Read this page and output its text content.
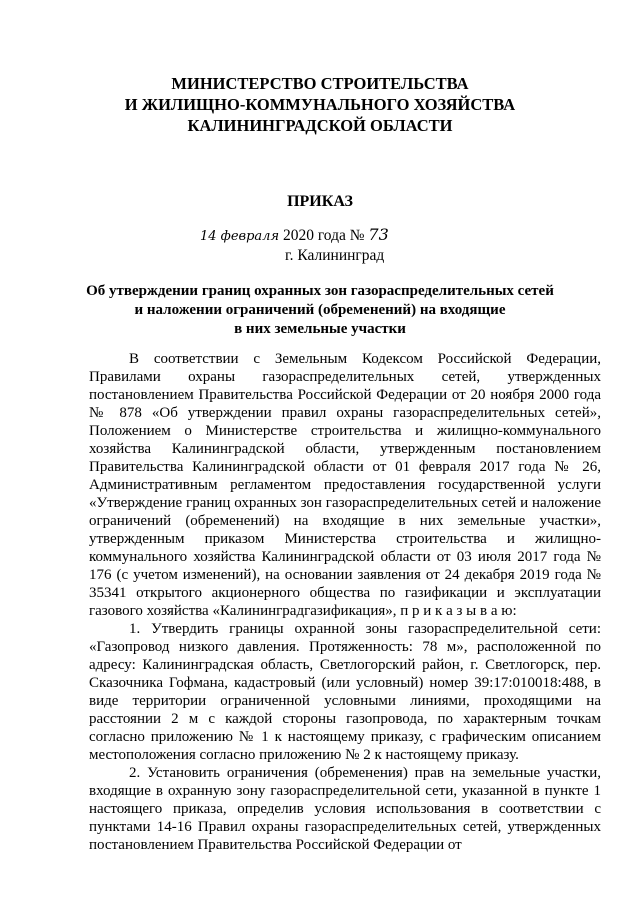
МИНИСТЕРСТВО СТРОИТЕЛЬСТВА
И ЖИЛИЩНО-КОММУНАЛЬНОГО ХОЗЯЙСТВА
КАЛИНИНГРАДСКОЙ ОБЛАСТИ
ПРИКАЗ
14 февраля 2020 года № 73
г. Калининград
Об утверждении границ охранных зон газораспределительных сетей
и наложении ограничений (обременений) на входящие
в них земельные участки

В соответствии с Земельным Кодексом Российской Федерации, Правилами охраны газораспределительных сетей, утвержденных постановлением Правительства Российской Федерации от 20 ноября 2000 года № 878 «Об утверждении правил охраны газораспределительных сетей», Положением о Министерстве строительства и жилищно-коммунального хозяйства Калининградской области, утвержденным постановлением Правительства Калининградской области от 01 февраля 2017 года № 26, Административным регламентом предоставления государственной услуги «Утверждение границ охранных зон газораспределительных сетей и наложение ограничений (обременений) на входящие в них земельные участки», утвержденным приказом Министерства строительства и жилищно-коммунального хозяйства Калининградской области от 03 июля 2017 года № 176 (с учетом изменений), на основании заявления от 24 декабря 2019 года № 35341 открытого акционерного общества по газификации и эксплуатации газового хозяйства «Калининградгазификация», п р и к а з ы в а ю:

1. Утвердить границы охранной зоны газораспределительной сети: «Газопровод низкого давления. Протяженность: 78 м», расположенной по адресу: Калининградская область, Светлогорский район, г. Светлогорск, пер. Сказочника Гофмана, кадастровый (или условный) номер 39:17:010018:488, в виде территории ограниченной условными линиями, проходящими на расстоянии 2 м с каждой стороны газопровода, по характерным точкам согласно приложению № 1 к настоящему приказу, с графическим описанием местоположения согласно приложению № 2 к настоящему приказу.

2. Установить ограничения (обременения) прав на земельные участки, входящие в охранную зону газораспределительной сети, указанной в пункте 1 настоящего приказа, определив условия использования в соответствии с пунктами 14-16 Правил охраны газораспределительных сетей, утвержденных постановлением Правительства Российской Федерации от
